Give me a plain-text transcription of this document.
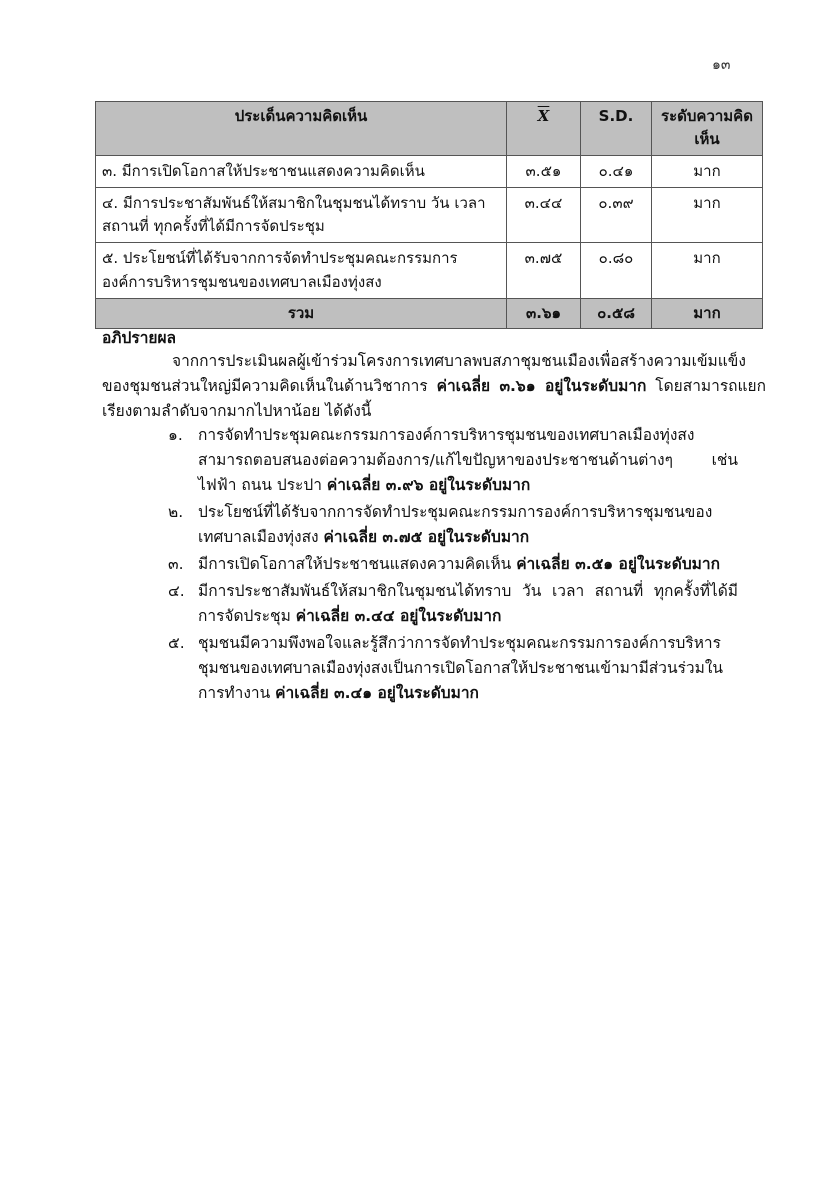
๑๓
ประเด็นความคิดเห็น	$\overline{X}$	S.D.	ระดับความคิดเห็น
๓. มีการเปิดโอกาสให้ประชาชนแสดงความคิดเห็น	๓.๕๑	๐.๔๑	มาก
๔. มีการประชาสัมพันธ์ให้สมาชิกในชุมชนได้ทราบ วัน เวลา สถานที่ ทุกครั้งที่ได้มีการจัดประชุม	๓.๔๔	๐.๓๙	มาก
๕. ประโยชน์ที่ได้รับจากการจัดทำประชุมคณะกรรมการองค์การบริหารชุมชนของเทศบาลเมืองทุ่งสง	๓.๗๕	๐.๘๐	มาก
รวม	๓.๖๑	๐.๕๘	มาก
อภิปรายผล

จากการประเมินผลผู้เข้าร่วมโครงการเทศบาลพบสภาชุมชนเมืองเพื่อสร้างความเข้มแข็งของชุมชนส่วนใหญ่มีความคิดเห็นในด้านวิชาการ ค่าเฉลี่ย ๓.๖๑ อยู่ในระดับมาก โดยสามารถแยกเรียงตามลำดับจากมากไปหาน้อย ได้ดังนี้

๑. การจัดทำประชุมคณะกรรมการองค์การบริหารชุมชนของเทศบาลเมืองทุ่งสง สามารถตอบสนองต่อความต้องการ/แก้ไขปัญหาของประชาชนด้านต่างๆ เช่น ไฟฟ้า ถนน ประปา ค่าเฉลี่ย ๓.๙๖ อยู่ในระดับมาก
๒. ประโยชน์ที่ได้รับจากการจัดทำประชุมคณะกรรมการองค์การบริหารชุมชนของเทศบาลเมืองทุ่งสง ค่าเฉลี่ย ๓.๗๕ อยู่ในระดับมาก
๓. มีการเปิดโอกาสให้ประชาชนแสดงความคิดเห็น ค่าเฉลี่ย ๓.๕๑ อยู่ในระดับมาก
๔. มีการประชาสัมพันธ์ให้สมาชิกในชุมชนได้ทราบ วัน เวลา สถานที่ ทุกครั้งที่ได้มีการจัดประชุม ค่าเฉลี่ย ๓.๔๔ อยู่ในระดับมาก
๕. ชุมชนมีความพึงพอใจและรู้สึกว่าการจัดทำประชุมคณะกรรมการองค์การบริหารชุมชนของเทศบาลเมืองทุ่งสงเป็นการเปิดโอกาสให้ประชาชนเข้ามามีส่วนร่วมในการทำงาน ค่าเฉลี่ย ๓.๔๑ อยู่ในระดับมาก
